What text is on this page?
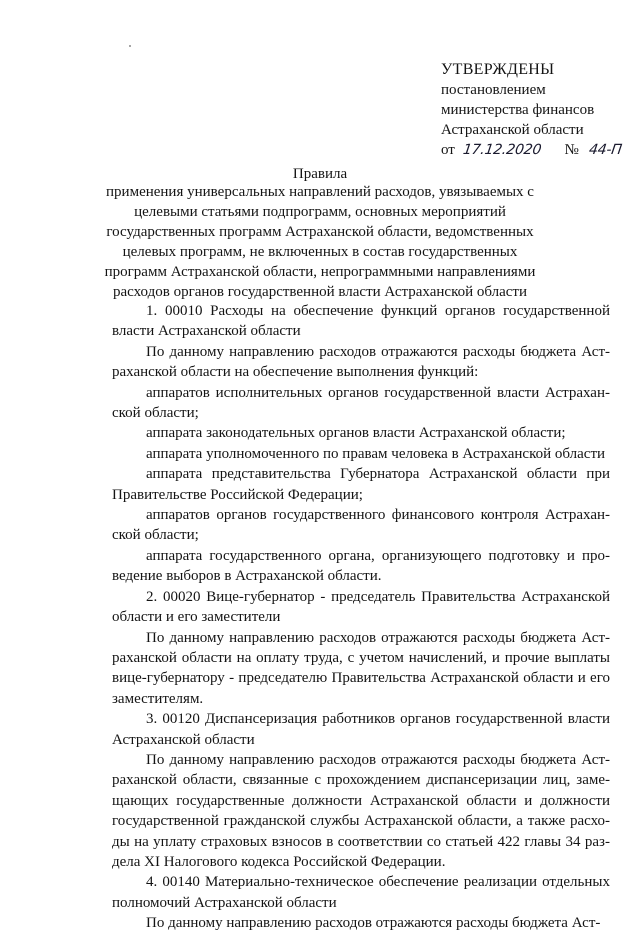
УТВЕРЖДЕНЫ
постановлением
министерства финансов
Астраханской области
от 17.12.2020 № 44-П
Правила
применения универсальных направлений расходов, увязываемых с целевыми статьями подпрограмм, основных мероприятий государственных программ Астраханской области, ведомственных целевых программ, не включенных в состав государственных программ Астраханской области, непрограммными направлениями расходов органов государственной власти Астраханской области

1. 00010 Расходы на обеспечение функций органов государственной власти Астраханской области

По данному направлению расходов отражаются расходы бюджета Астраханской области на обеспечение выполнения функций:

аппаратов исполнительных органов государственной власти Астраханской области;

аппарата законодательных органов власти Астраханской области;

аппарата уполномоченного по правам человека в Астраханской области

аппарата представительства Губернатора Астраханской области при Правительстве Российской Федерации;

аппаратов органов государственного финансового контроля Астраханской области;

аппарата государственного органа, организующего подготовку и проведение выборов в Астраханской области.

2. 00020 Вице-губернатор - председатель Правительства Астраханской области и его заместители

По данному направлению расходов отражаются расходы бюджета Астраханской области на оплату труда, с учетом начислений, и прочие выплаты вице-губернатору - председателю Правительства Астраханской области и его заместителям.

3. 00120 Диспансеризация работников органов государственной власти Астраханской области

По данному направлению расходов отражаются расходы бюджета Астраханской области, связанные с прохождением диспансеризации лиц, замещающих государственные должности Астраханской области и должности государственной гражданской службы Астраханской области, а также расходы на уплату страховых взносов в соответствии со статьей 422 главы 34 раздела XI Налогового кодекса Российской Федерации.

4. 00140 Материально-техническое обеспечение реализации отдельных полномочий Астраханской области

По данному направлению расходов отражаются расходы бюджета Аст-
